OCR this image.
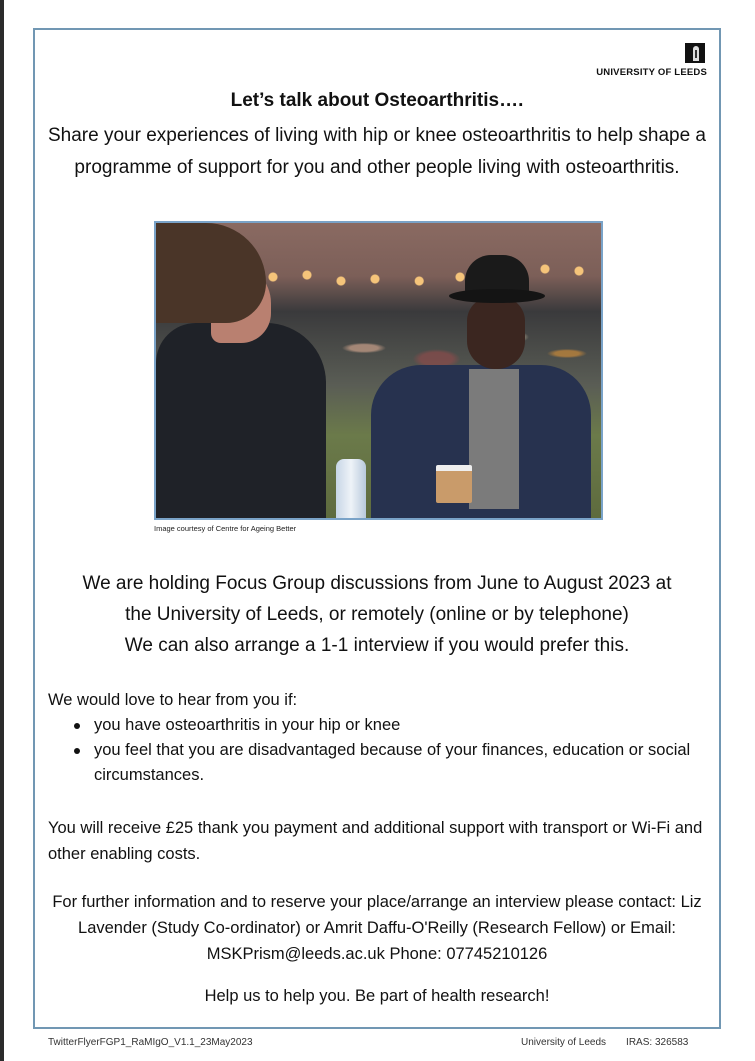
UNIVERSITY OF LEEDS
Let’s talk about Osteoarthritis….
Share your experiences of living with hip or knee osteoarthritis to help shape a programme of support for you and other people living with osteoarthritis.
Image courtesy of Centre for Ageing Better
We are holding Focus Group discussions from June to August 2023 at
the University of Leeds, or remotely (online or by telephone)
We can also arrange a 1-1 interview if you would prefer this.
We would love to hear from you if:
you have osteoarthritis in your hip or knee
you feel that you are disadvantaged because of your finances, education or social circumstances.
You will receive £25 thank you payment and additional support with transport or Wi-Fi and other enabling costs.
For further information and to reserve your place/arrange an interview please contact: Liz Lavender (Study Co-ordinator) or Amrit Daffu-O'Reilly (Research Fellow) or Email: MSKPrism@leeds.ac.uk Phone: 07745210126
Help us to help you. Be part of health research!
TwitterFlyerFGP1_RaMIgO_V1.1_23May2023	University of Leeds IRAS: 326583
